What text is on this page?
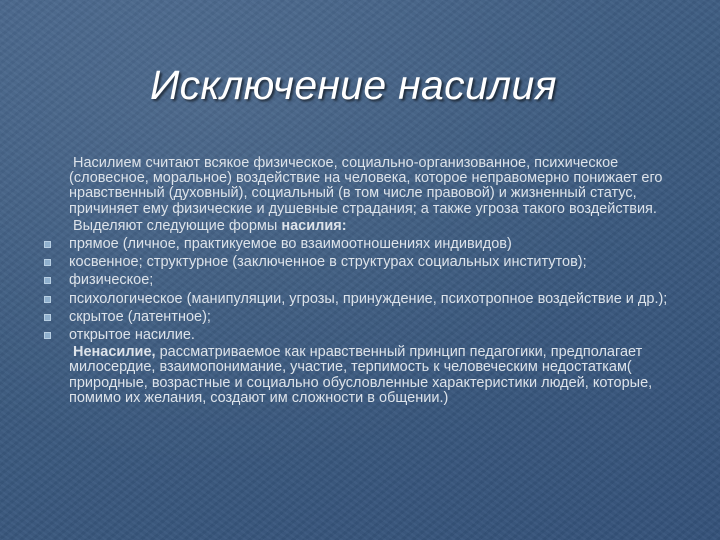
Исключение насилия

Насилием считают всякое физическое, социально-организованное, психическое (словесное, моральное) воздействие на человека, которое неправомерно понижает его нравственный (духовный), социальный (в том числе правовой) и жизненный статус, причиняет ему физические и душевные страдания; а также угроза такого воздействия.

Выделяют следующие формы насилия:

прямое (личное, практикуемое во взаимоотношениях индивидов)
косвенное; структурное (заключенное в структурах социальных институтов);
физическое;
психологическое (манипуляции, угрозы, принуждение, психотропное воздействие и др.);
скрытое (латентное);
открытое насилие.

Ненасилие, рассматриваемое как нравственный принцип педагогики, предполагает милосердие, взаимопонимание, участие, терпимость к человеческим недостаткам( природные, возрастные и социально обусловленные характеристики людей, которые, помимо их желания, создают им сложности в общении.)
